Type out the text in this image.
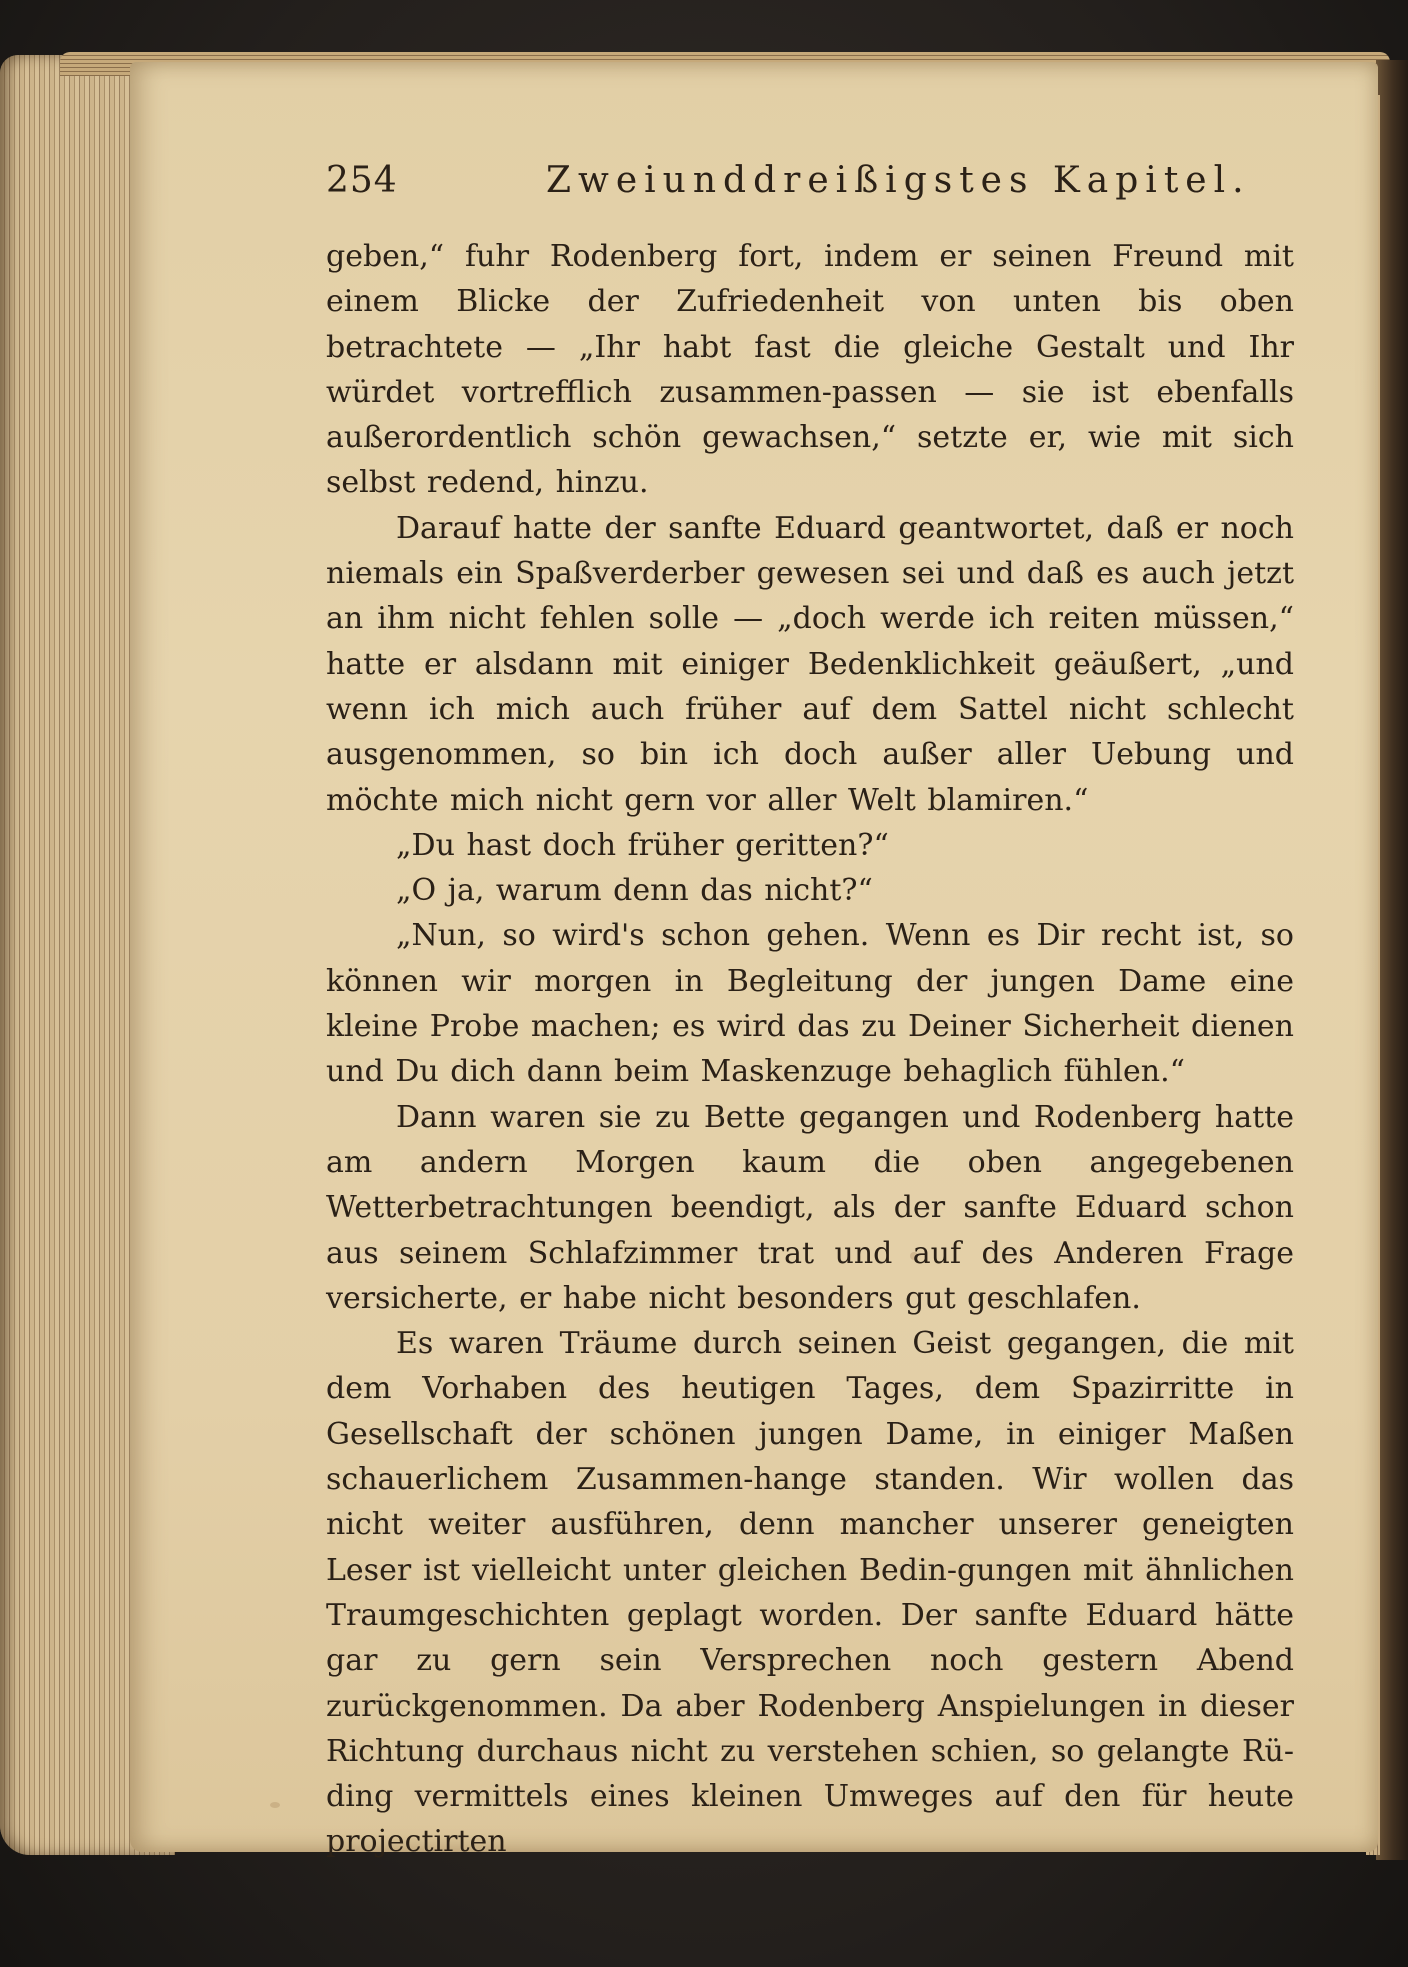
254	Zweiunddreißigstes Kapitel.

geben,“ fuhr Rodenberg fort, indem er seinen Freund mit einem Blicke der Zufriedenheit von unten bis oben betrachtete — „Ihr habt fast die gleiche Gestalt und Ihr würdet vortrefflich zusammen-passen — sie ist ebenfalls außerordentlich schön gewachsen,“ setzte er, wie mit sich selbst redend, hinzu.

Darauf hatte der sanfte Eduard geantwortet, daß er noch niemals ein Spaßverderber gewesen sei und daß es auch jetzt an ihm nicht fehlen solle — „doch werde ich reiten müssen,“ hatte er alsdann mit einiger Bedenklichkeit geäußert, „und wenn ich mich auch früher auf dem Sattel nicht schlecht ausgenommen, so bin ich doch außer aller Uebung und möchte mich nicht gern vor aller Welt blamiren.“

„Du hast doch früher geritten?“

„O ja, warum denn das nicht?“

„Nun, so wird's schon gehen. Wenn es Dir recht ist, so können wir morgen in Begleitung der jungen Dame eine kleine Probe machen; es wird das zu Deiner Sicherheit dienen und Du dich dann beim Maskenzuge behaglich fühlen.“

Dann waren sie zu Bette gegangen und Rodenberg hatte am andern Morgen kaum die oben angegebenen Wetterbetrachtungen beendigt, als der sanfte Eduard schon aus seinem Schlafzimmer trat und auf des Anderen Frage versicherte, er habe nicht besonders gut geschlafen.

Es waren Träume durch seinen Geist gegangen, die mit dem Vorhaben des heutigen Tages, dem Spazirritte in Gesellschaft der schönen jungen Dame, in einiger Maßen schauerlichem Zusammen-hange standen. Wir wollen das nicht weiter ausführen, denn mancher unserer geneigten Leser ist vielleicht unter gleichen Bedin-gungen mit ähnlichen Traumgeschichten geplagt worden. Der sanfte Eduard hätte gar zu gern sein Versprechen noch gestern Abend zurückgenommen. Da aber Rodenberg Anspielungen in dieser Richtung durchaus nicht zu verstehen schien, so gelangte Rü-ding vermittels eines kleinen Umweges auf den für heute projectirten
